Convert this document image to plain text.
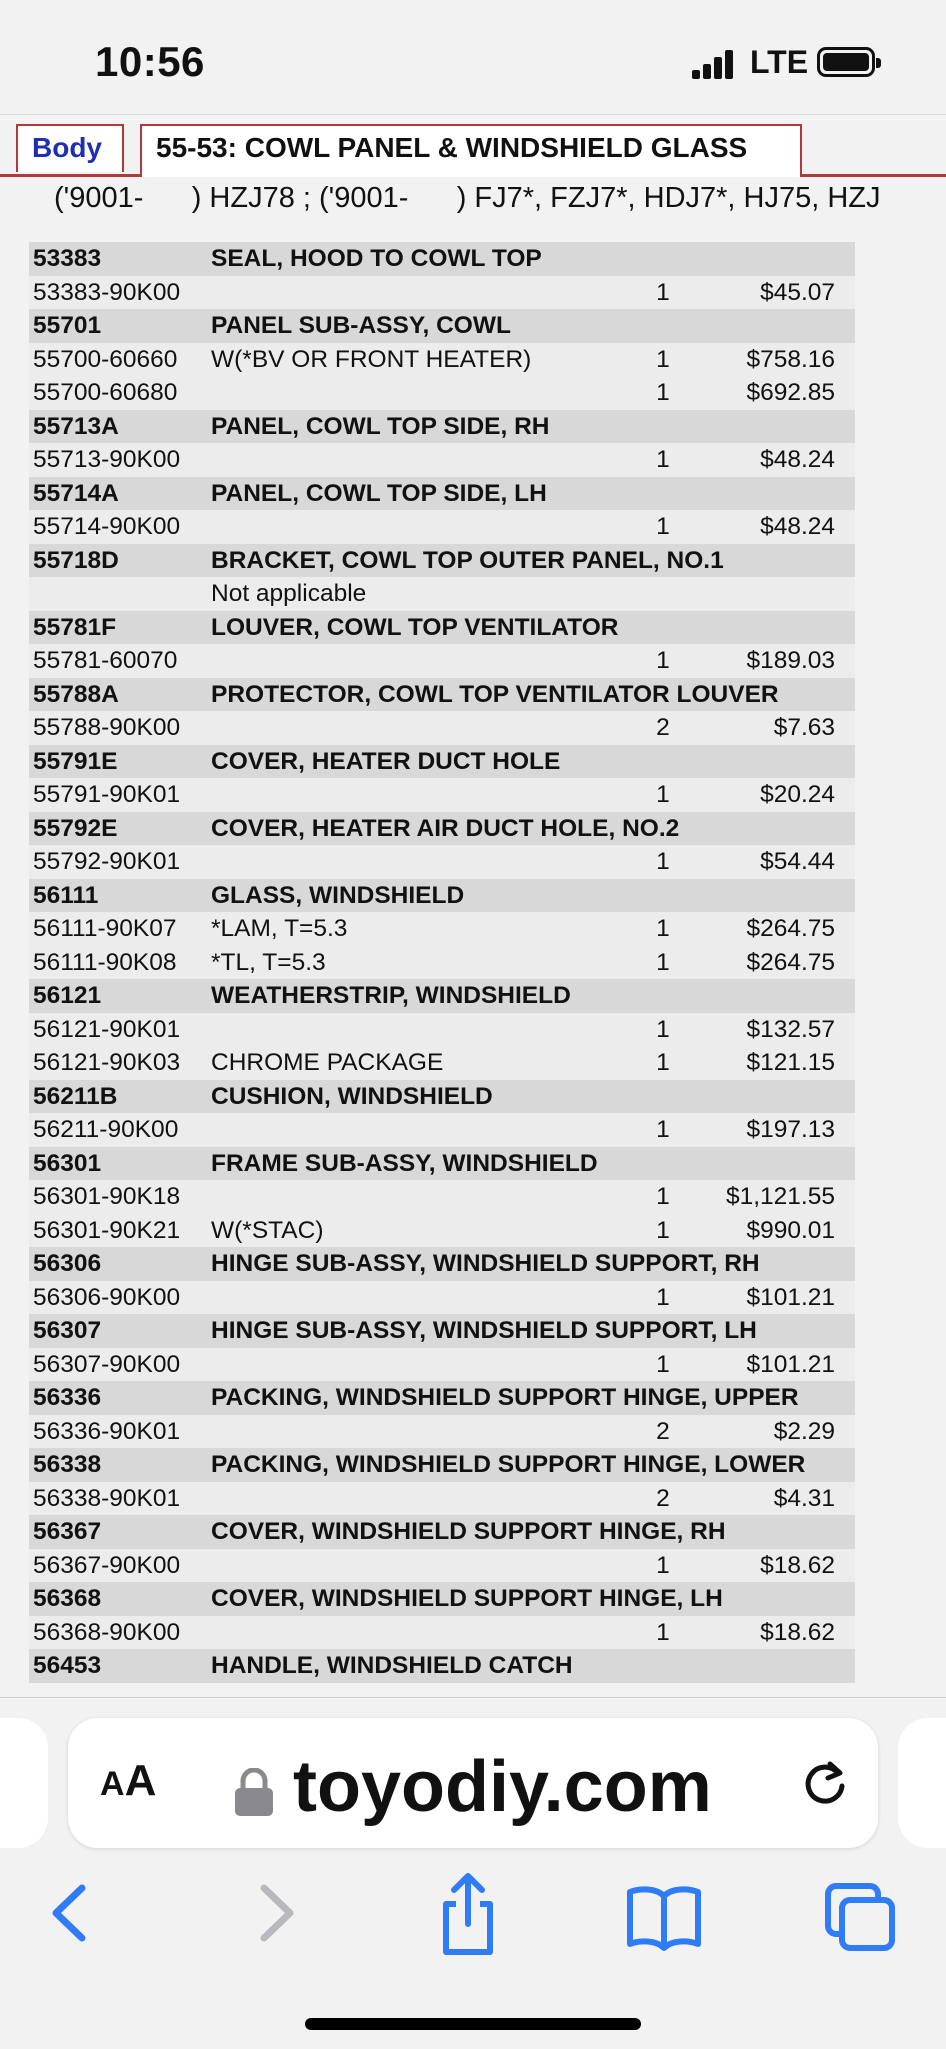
10:56	LTE
Body	55-53: COWL PANEL & WINDSHIELD GLASS
('9001-      ) HZJ78 ; ('9001-      ) FJ7*, FZJ7*, HDJ7*, HJ75, HZJ
53383	SEAL, HOOD TO COWL TOP
53383-90K00	1	$45.07
55701	PANEL SUB-ASSY, COWL
55700-60660 W(*BV OR FRONT HEATER)	1	$758.16
55700-60680	1	$692.85
55713A	PANEL, COWL TOP SIDE, RH
55713-90K00	1	$48.24
55714A	PANEL, COWL TOP SIDE, LH
55714-90K00	1	$48.24
55718D	BRACKET, COWL TOP OUTER PANEL, NO.1
Not applicable
55781F	LOUVER, COWL TOP VENTILATOR
55781-60070	1	$189.03
55788A	PROTECTOR, COWL TOP VENTILATOR LOUVER
55788-90K00	2	$7.63
55791E	COVER, HEATER DUCT HOLE
55791-90K01	1	$20.24
55792E	COVER, HEATER AIR DUCT HOLE, NO.2
55792-90K01	1	$54.44
56111	GLASS, WINDSHIELD
56111-90K07 *LAM, T=5.3	1	$264.75
56111-90K08 *TL, T=5.3	1	$264.75
56121	WEATHERSTRIP, WINDSHIELD
56121-90K01	1	$132.57
56121-90K03 CHROME PACKAGE	1	$121.15
56211B	CUSHION, WINDSHIELD
56211-90K00	1	$197.13
56301	FRAME SUB-ASSY, WINDSHIELD
56301-90K18	1	$1,121.55
56301-90K21 W(*STAC)	1	$990.01
56306	HINGE SUB-ASSY, WINDSHIELD SUPPORT, RH
56306-90K00	1	$101.21
56307	HINGE SUB-ASSY, WINDSHIELD SUPPORT, LH
56307-90K00	1	$101.21
56336	PACKING, WINDSHIELD SUPPORT HINGE, UPPER
56336-90K01	2	$2.29
56338	PACKING, WINDSHIELD SUPPORT HINGE, LOWER
56338-90K01	2	$4.31
56367	COVER, WINDSHIELD SUPPORT HINGE, RH
56367-90K00	1	$18.62
56368	COVER, WINDSHIELD SUPPORT HINGE, LH
56368-90K00	1	$18.62
56453	HANDLE, WINDSHIELD CATCH
AA toyodiy.com
